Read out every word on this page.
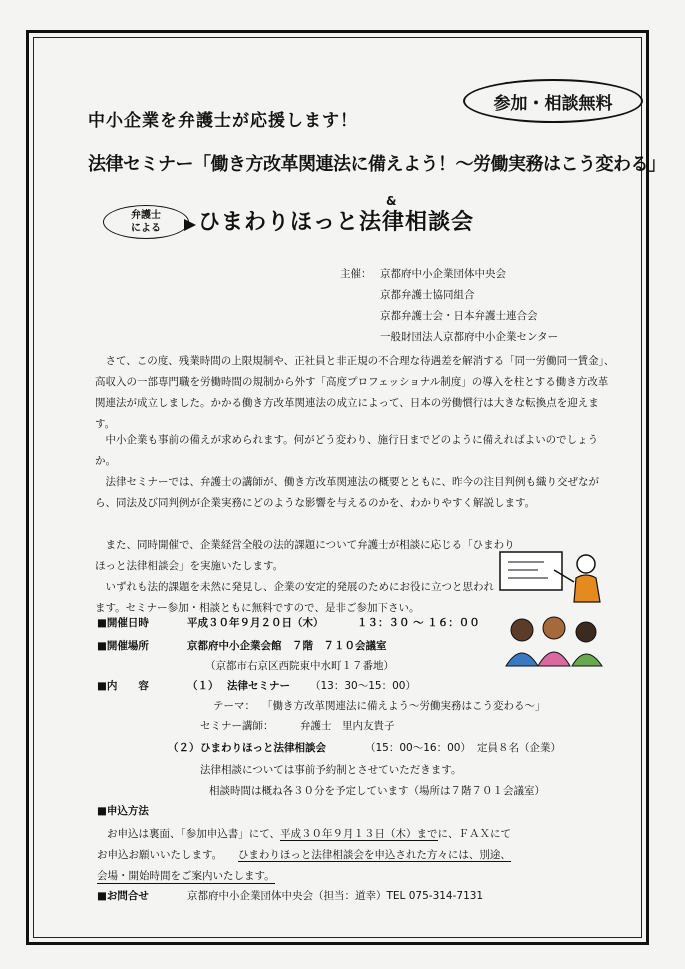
参加・相談無料
中小企業を弁護士が応援します！
法律セミナー「働き方改革関連法に備えよう！～労働実務はこう変わる」
&
弁護士
による	ひまわりほっと法律相談会
主催： 京都府中小企業団体中央会
京都弁護士協同組合
京都弁護士会・日本弁護士連合会
一般財団法人京都府中小企業センター
さて、この度、残業時間の上限規制や、正社員と非正規の不合理な待遇差を解消する「同一労働同一賃金」、高収入の一部専門職を労働時間の規制から外す「高度プロフェッショナル制度」の導入を柱とする働き方改革関連法が成立しました。かかる働き方改革関連法の成立によって、日本の労働慣行は大きな転換点を迎えます。
中小企業も事前の備えが求められます。何がどう変わり、施行日までどのように備えればよいのでしょうか。
法律セミナーでは、弁護士の講師が、働き方改革関連法の概要とともに、昨今の注目判例も織り交ぜながら、同法及び同判例が企業実務にどのような影響を与えるのかを、わかりやすく解説します。
また、同時開催で、企業経営全般の法的課題について弁護士が相談に応じる「ひまわりほっと法律相談会」を実施いたします。
いずれも法的課題を未然に発見し、企業の安定的発展のためにお役に立つと思われます。セミナー参加・相談ともに無料ですので、是非ご参加下さい。
■開催日時	平成３０年９月２０日（木）	１３：３０ ～ １６：００
■開催場所	京都府中小企業会館　７階　７１０会議室
（京都市右京区西院東中水町１７番地）
■内　　容	（１） 法律セミナー （13：30～15：00）
テーマ： 「働き方改革関連法に備えよう～労働実務はこう変わる～」
セミナー講師：	弁護士　里内友貴子
（２） ひまわりほっと法律相談会	（15：00～16：00） 定員８名（企業）
法律相談については事前予約制とさせていただきます。
相談時間は概ね各３０分を予定しています（場所は７階７０１会議室）
■申込方法
お申込は裏面、「参加申込書」にて、平成３０年９月１３日（木）までに、ＦＡＸにて
お申込お願いいたします。　　 ひまわりほっと法律相談会を申込された方々には、別途、
会場・開始時間をご案内いたします。
■お問合せ	京都府中小企業団体中央会（担当：道幸）TEL 075-314-7131
